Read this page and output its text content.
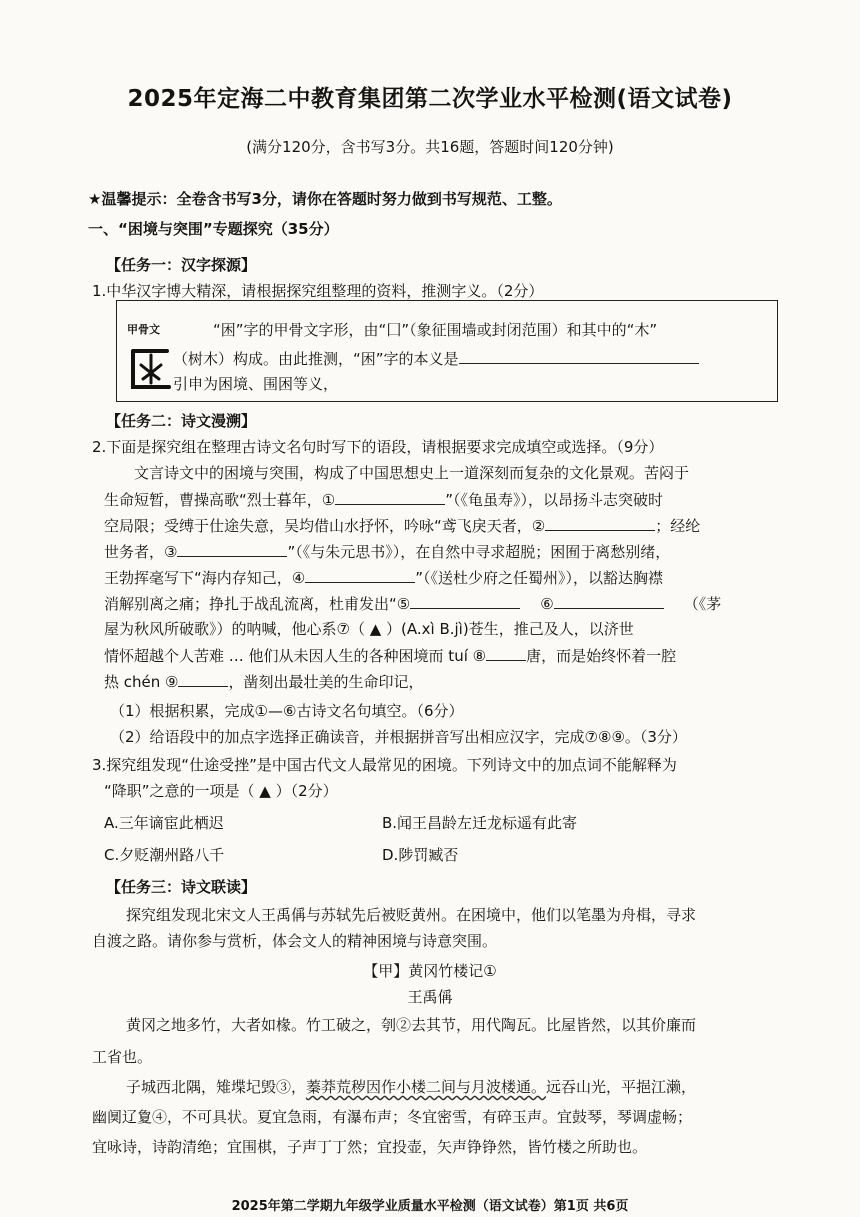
2025年定海二中教育集团第二次学业水平检测(语文试卷)
(满分120分，含书写3分。共16题，答题时间120分钟)
★温馨提示：全卷含书写3分，请你在答题时努力做到书写规范、工整。
一、“困境与突围”专题探究（35分）
【任务一：汉字探源】
1.中华汉字博大精深，请根据探究组整理的资料，推测字义。（2分）
甲骨文	“困”字的甲骨文字形，由“囗”（象征围墙或封闭范围）和其中的“木”
（树木）构成。由此推测，“困”字的本义是
引申为困境、围困等义，
【任务二：诗文漫溯】
2.下面是探究组在整理古诗文名句时写下的语段，请根据要求完成填空或选择。（9分）
文言诗文中的困境与突围，构成了中国思想史上一道深刻而复杂的文化景观。苦闷于
生命短暂，曹操高歌“烈士暮年，①	”（《龟虽寿》），以昂扬斗志突破时
空局限；受缚于仕途失意，吴均借山水抒怀，吟咏“鸢飞戾天者，②	；经纶
世务者，③	”（《与朱元思书》），在自然中寻求超脱；困囿于离愁别绪，
王勃挥毫写下“海内存知己，④	”（《送杜少府之任蜀州》），以豁达胸襟
消解别离之痛；挣扎于战乱流离，杜甫发出“⑤	⑥	（《茅
屋为秋风所破歌》）的呐喊，他心系⑦（ ▲ ）(A.xì B.jì)苍生，推己及人，以济世
情怀超越个人苦难 … 他们从未因人生的各种困境而 tuí ⑧	唐，而是始终怀着一腔
热 chén ⑨	，凿刻出最壮美的生命印记，
（1）根据积累，完成①—⑥古诗文名句填空。（6分）
（2）给语段中的加点字选择正确读音，并根据拼音写出相应汉字，完成⑦⑧⑨。（3分）
3.探究组发现“仕途受挫”是中国古代文人最常见的困境。下列诗文中的加点词不能解释为
“降职”之意的一项是（ ▲ ）（2分）
A.三年谪宦此栖迟	B.闻王昌龄左迁龙标遥有此寄
C.夕贬潮州路八千	D.陟罚臧否
【任务三：诗文联读】
探究组发现北宋文人王禹偁与苏轼先后被贬黄州。在困境中，他们以笔墨为舟楫，寻求
自渡之路。请你参与赏析，体会文人的精神困境与诗意突围。
【甲】黄冈竹楼记①
王禹偁
黄冈之地多竹，大者如椽。竹工破之，刳②去其节，用代陶瓦。比屋皆然，以其价廉而
工省也。
子城西北隅，雉堞圮毁③，蓁莽荒秽因作小楼二间与月波楼通。远吞山光，平挹江濑，
幽阒辽夐④，不可具状。夏宜急雨，有瀑布声；冬宜密雪，有碎玉声。宜鼓琴，琴调虚畅；
宜咏诗，诗韵清绝；宜围棋，子声丁丁然；宜投壶，矢声铮铮然，皆竹楼之所助也。
2025年第二学期九年级学业质量水平检测（语文试卷）第1页 共6页
